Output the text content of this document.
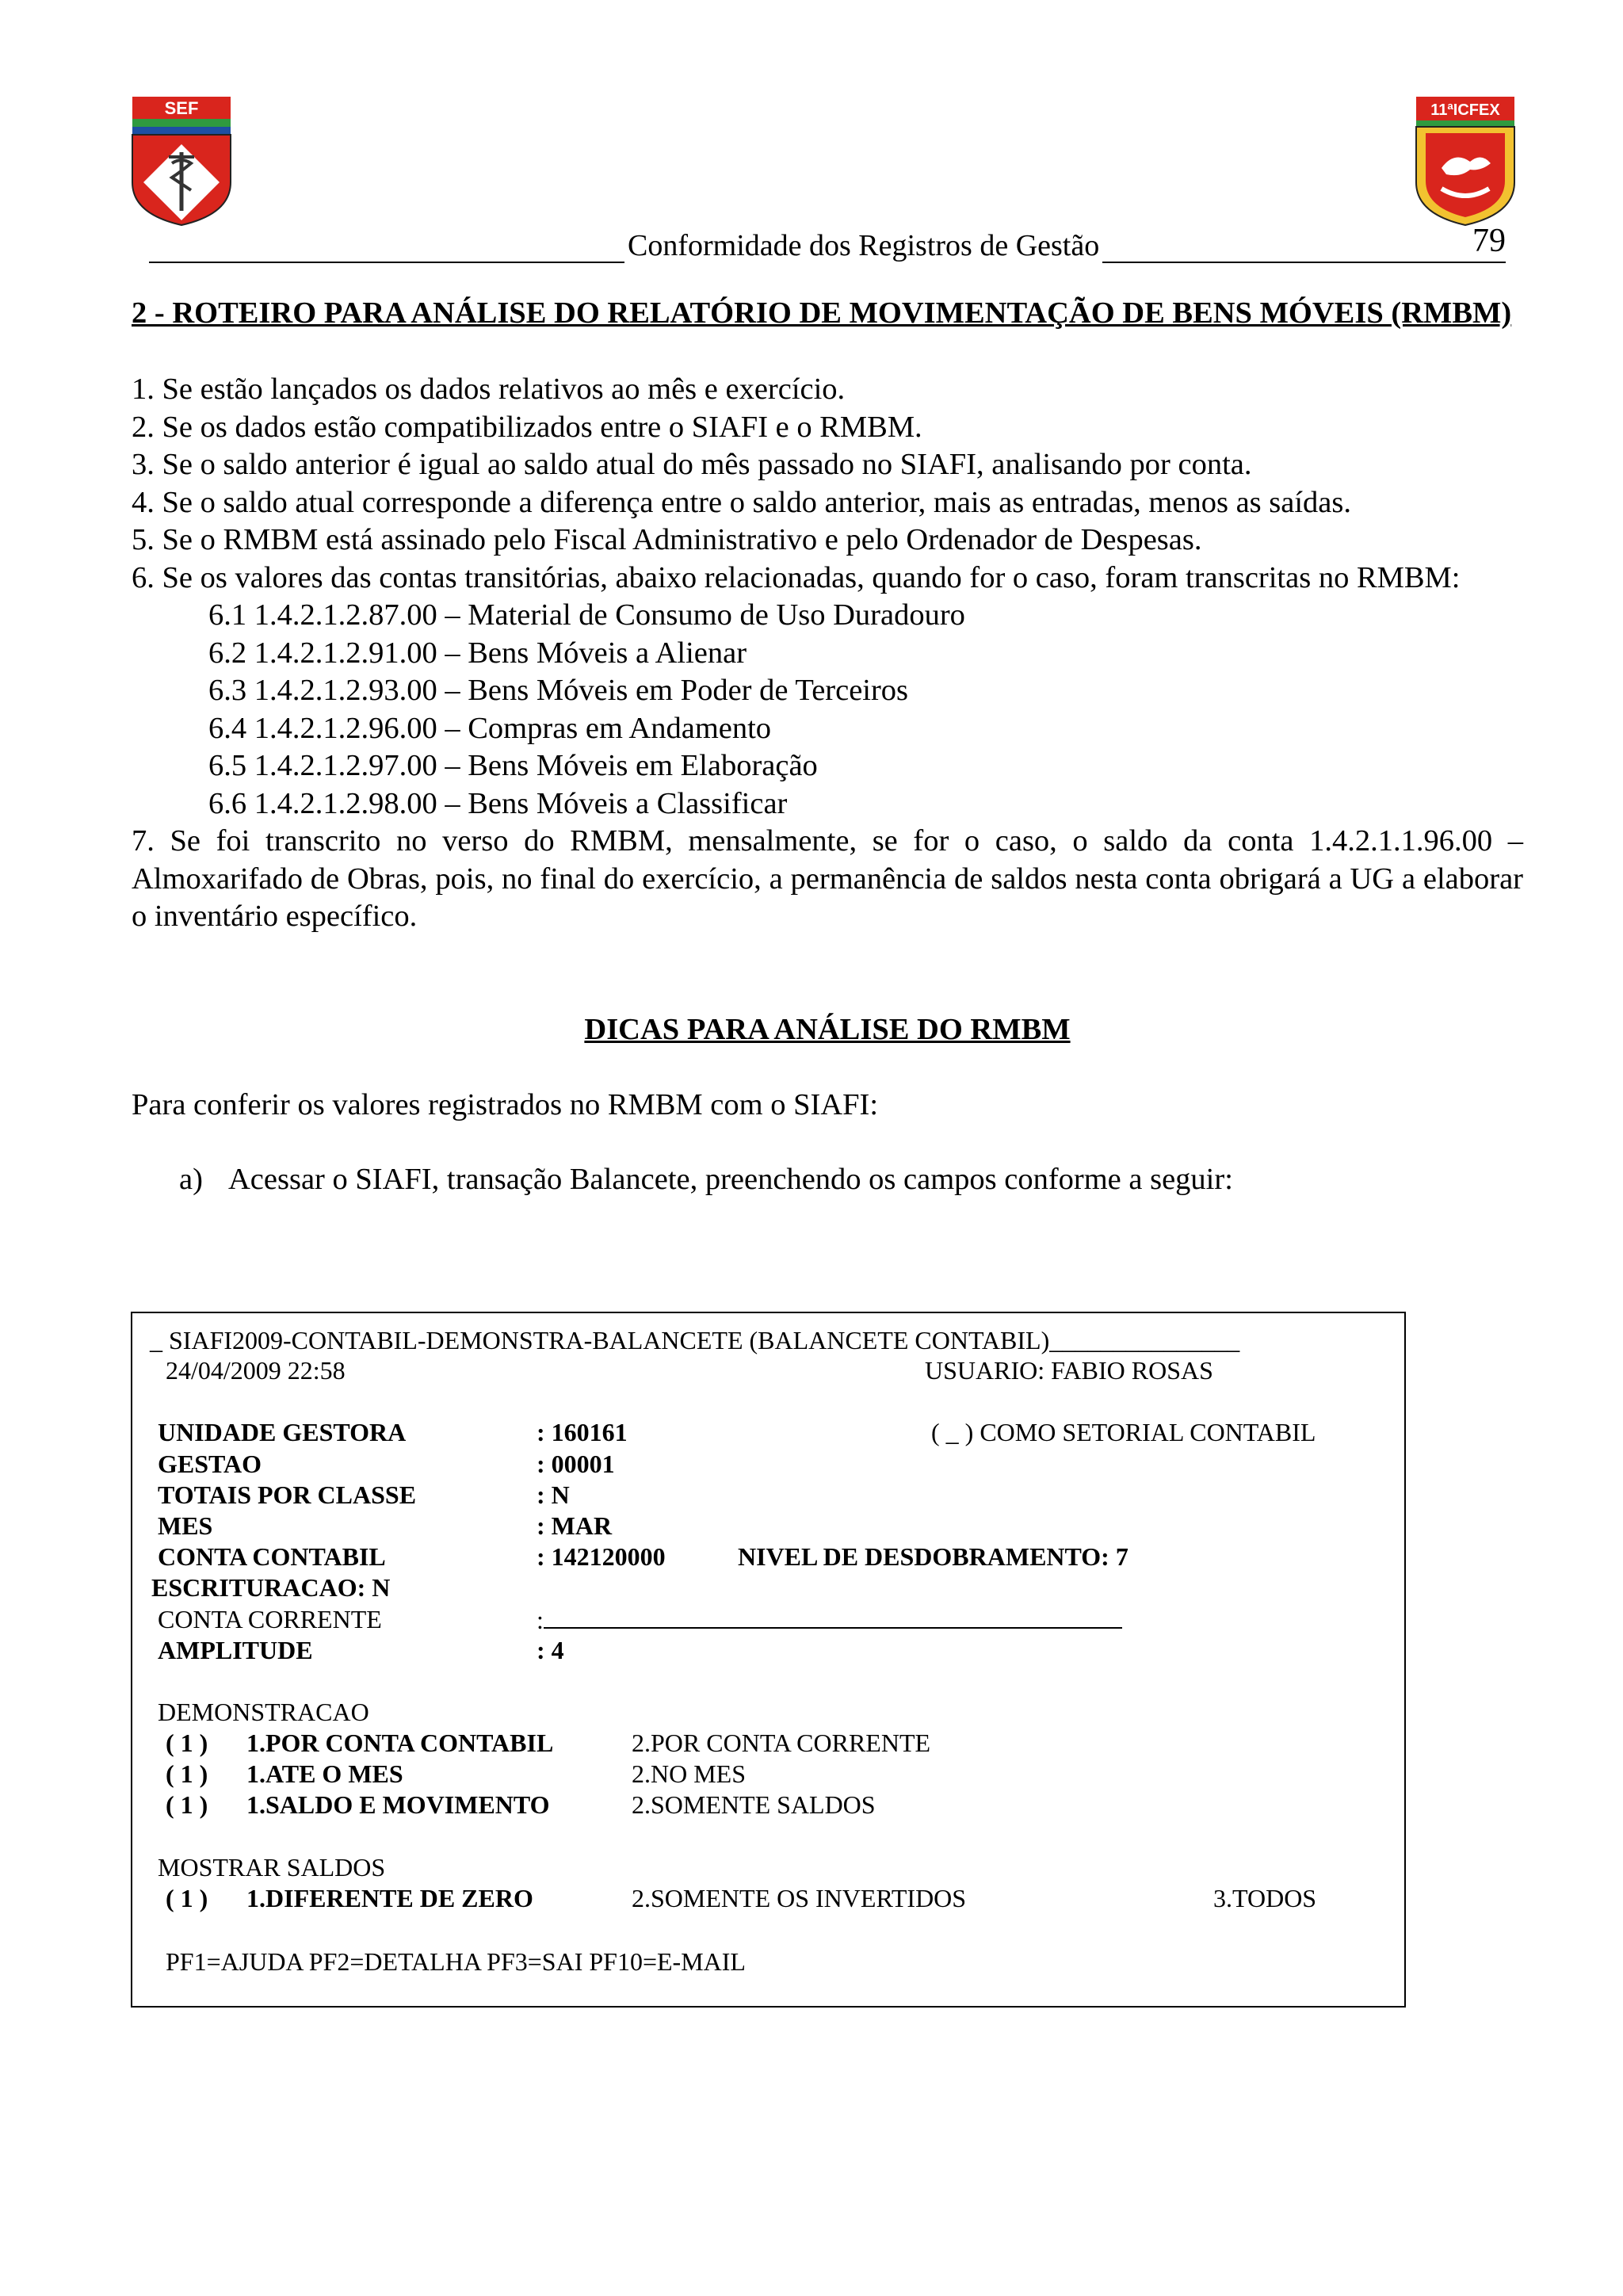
SEF	11ªICFEX
Conformidade dos Registros de Gestão	79

2 - ROTEIRO PARA ANÁLISE DO RELATÓRIO DE MOVIMENTAÇÃO DE BENS MÓVEIS (RMBM)

1. Se estão lançados os dados relativos ao mês e exercício.

2. Se os dados estão compatibilizados entre o SIAFI e o RMBM.

3. Se o saldo anterior é igual ao saldo atual do mês passado no SIAFI, analisando por conta.

4. Se o saldo atual corresponde a diferença entre o saldo anterior, mais as entradas, menos as saídas.

5. Se o RMBM está assinado pelo Fiscal Administrativo e pelo Ordenador de Despesas.

6. Se os valores das contas transitórias, abaixo relacionadas, quando for o caso, foram transcritas no RMBM:

6.1 1.4.2.1.2.87.00 – Material de Consumo de Uso Duradouro

6.2 1.4.2.1.2.91.00 – Bens Móveis a Alienar

6.3 1.4.2.1.2.93.00 – Bens Móveis em Poder de Terceiros

6.4 1.4.2.1.2.96.00 – Compras em Andamento

6.5 1.4.2.1.2.97.00 – Bens Móveis em Elaboração

6.6 1.4.2.1.2.98.00 – Bens Móveis a Classificar

7. Se foi transcrito no verso do RMBM, mensalmente, se for o caso, o saldo da conta 1.4.2.1.1.96.00 – Almoxarifado de Obras, pois, no final do exercício, a permanência de saldos nesta conta obrigará a UG a elaborar o inventário específico.

DICAS PARA ANÁLISE DO RMBM

Para conferir os valores registrados no RMBM com o SIAFI:

a) Acessar o SIAFI, transação Balancete, preenchendo os campos conforme a seguir:

_ SIAFI2009-CONTABIL-DEMONSTRA-BALANCETE (BALANCETE CONTABIL)_______________
24/04/2009 22:58	USUARIO: FABIO ROSAS
UNIDADE GESTORA	: 160161	( _ ) COMO SETORIAL CONTABIL
GESTAO	: 00001
TOTAIS POR CLASSE	: N
MES	: MAR
CONTA CONTABIL	: 142120000	NIVEL DE DESDOBRAMENTO: 7
ESCRITURACAO: N
CONTA CORRENTE	:
AMPLITUDE	: 4
DEMONSTRACAO
( 1 ) 1.POR CONTA CONTABIL	2.POR CONTA CORRENTE
( 1 ) 1.ATE O MES	2.NO MES
( 1 ) 1.SALDO E MOVIMENTO	2.SOMENTE SALDOS
MOSTRAR SALDOS
( 1 ) 1.DIFERENTE DE ZERO	2.SOMENTE OS INVERTIDOS	3.TODOS
PF1=AJUDA PF2=DETALHA PF3=SAI PF10=E-MAIL
